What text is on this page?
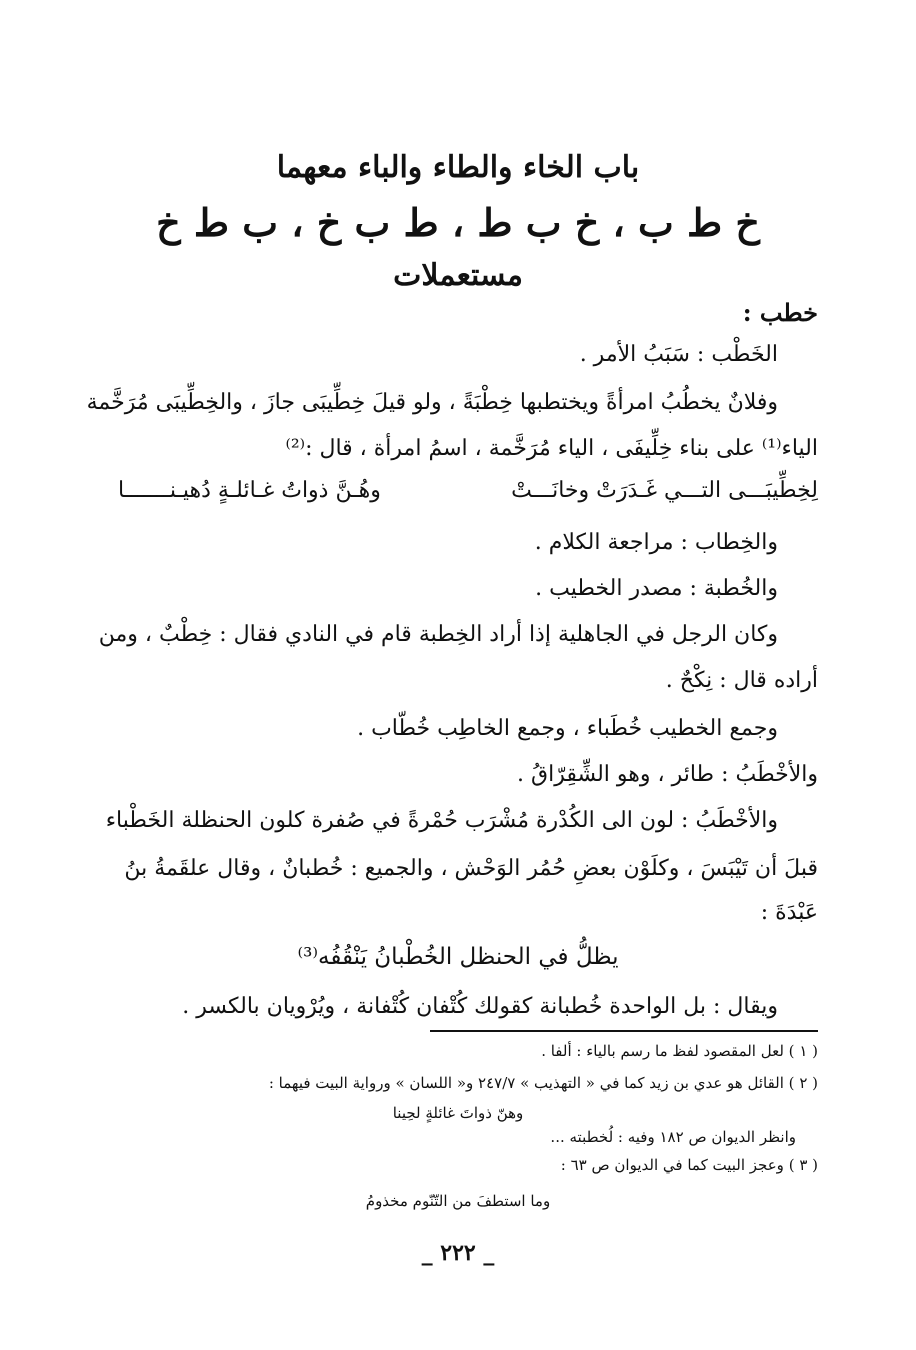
باب الخاء والطاء والباء معهما
خ ط ب ، خ ب ط ، ط ب خ ، ب ط خ
مستعملات
خطب :
الخَطْب : سَبَبُ الأمر .
وفلانٌ يخطُبُ امرأةً ويختطبها خِطْبَةً ، ولو قيلَ خِطِّيبَى جازَ ، والخِطِّيبَى مُرَخَّمة
الياء⁽¹⁾ على بناء خِلِّيفَى ، الياء مُرَخَّمة ، اسمُ امرأة ، قال :⁽²⁾
لِخِطِّيبَـــى التـــي غَـدَرَتْ وخانَـــتْ
وهُـنَّ ذواتُ غـائلـةٍ دُهيـنـــــــا
والخِطاب : مراجعة الكلام .
والخُطبة : مصدر الخطيب .
وكان الرجل في الجاهلية إذا أراد الخِطبة قام في النادي فقال : خِطْبٌ ، ومن
أراده قال : نِكْحٌ .
وجمع الخطيب خُطَباء ، وجمع الخاطِب خُطّاب .
والأخْطَبُ : طائر ، وهو الشِّقِرّاقُ .
والأخْطَبُ : لون الى الكُدْرة مُشْرَب حُمْرةً في صُفرة كلون الحنظلة الخَطْباء
قبلَ أن تَيْبَسَ ، وكلَوْن بعضِ حُمُر الوَحْش ، والجميع : خُطبانٌ ، وقال علقَمةُ بنُ
عَبْدَةَ :
يظلُّ في الحنظل الخُطْبانُ يَنْقُفُه⁽³⁾
ويقال : بل الواحدة خُطبانة كقولك كُتْفان كُتْفانة ، ويُرْويان بالكسر .
( ١ ) لعل المقصود لفظ ما رسم بالياء : ألفا .
( ٢ ) القائل هو عدي بن زيد كما في « التهذيب » ٢٤٧/٧ و« اللسان » ورواية البيت فيهما :
وهنّ ذواتَ غائلةٍ لحِينا
وانظر الديوان ص ١٨٢ وفيه : لُخطبته ...
( ٣ ) وعجز البيت كما في الديوان ص ٦٣ :
وما استطفَ من التّنّوم مخذومُ
_ ٢٢٢ _
